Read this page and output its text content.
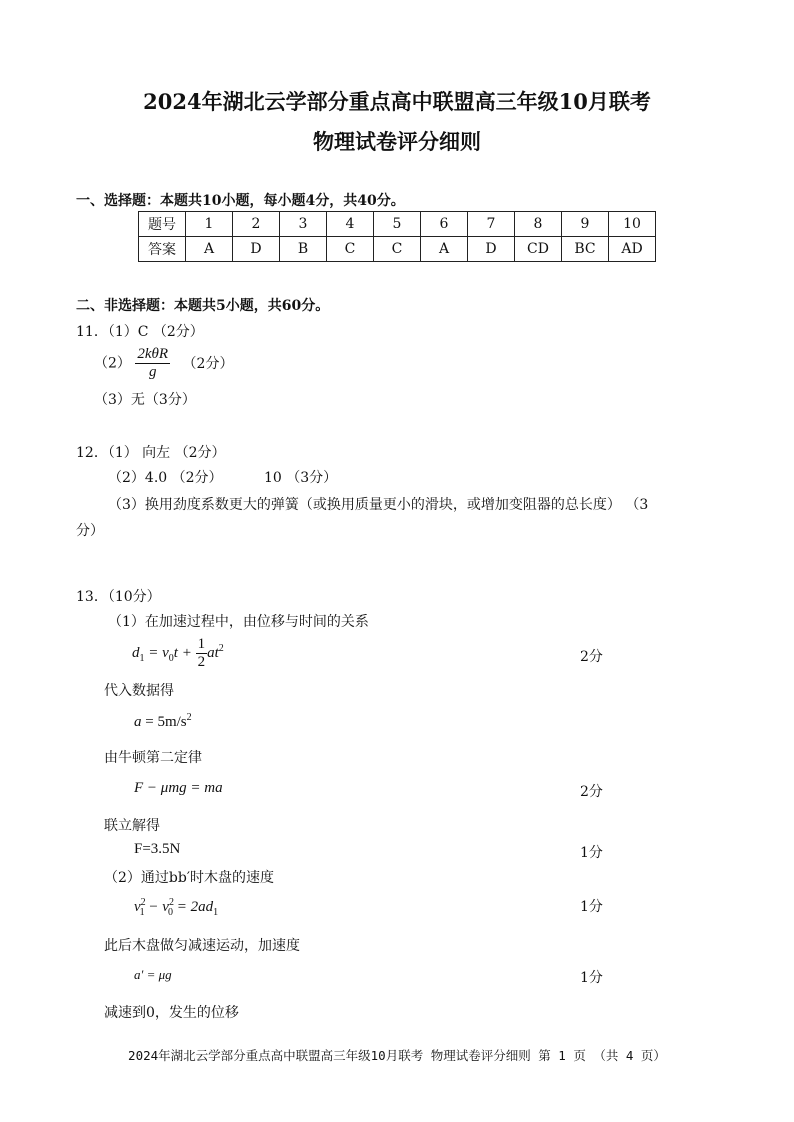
2024年湖北云学部分重点高中联盟高三年级10月联考
物理试卷评分细则
一、选择题：本题共10小题，每小题4分，共40分。
题号	1	2	3	4	5	6	7	8	9	10
答案	A	D	B	C	C	A	D	CD	BC	AD
二、非选择题：本题共5小题，共60分。
11．（1）C （2分）
$(2) \frac{\text{2kθR}}{g} (2$分）
（3）无（3分）
12．（1） 向左 （2分）
（2）4.0 （2分）	10 （3分）
（3）换用劲度系数更大的弹簧（或换用质量更小的滑块，或增加变阻器的总长度） （3
分）
13．（10分）
（1）在加速过程中，由位移与时间的关系
$d_1 = v_0t + \frac{1}{2} at^2$
2分
代入数据得
$a = 5m/s^2$
由牛顿第二定律
F − μmg = ma	2分
联立解得
F=3.5N	1分
（2）通过bb′时木盘的速度
$v^2_1 - v^2_0 = 2ad_1$	1分
此后木盘做匀减速运动，加速度
a′ = μg	1分
减速到0，发生的位移
2024年湖北云学部分重点高中联盟高三年级10月联考 物理试卷评分细则 第 1 页 （共 4 页）
